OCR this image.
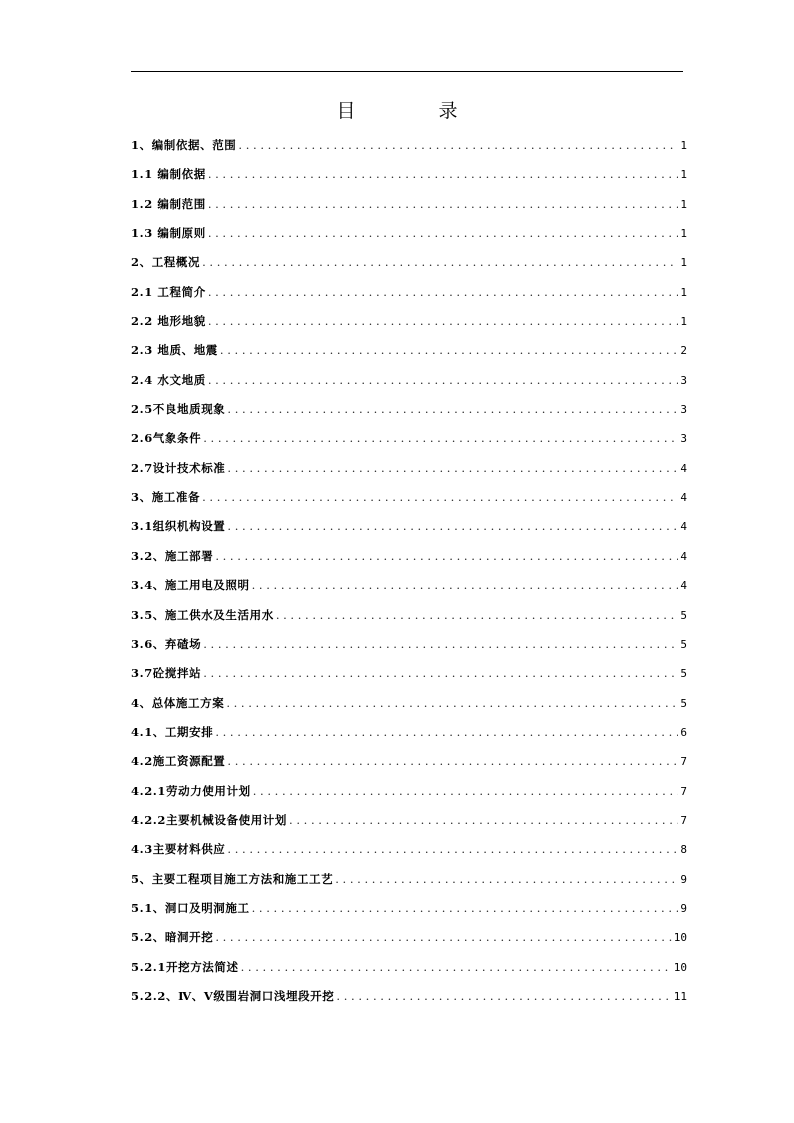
目　录
1、编制依据、范围 . . .	1
1.1 编制依据 . . .	1
1.2 编制范围 . . .	1
1.3 编制原则 . . .	1
2、工程概况 . . .	1
2.1 工程简介 . . .	1
2.2 地形地貌 . . .	1
2.3 地质、地震 . . .	2
2.4 水文地质 . . .	3
2.5不良地质现象 . . .	3
2.6气象条件 . . .	3
2.7设计技术标准 . . .	4
3、施工准备 . . .	4
3.1组织机构设置 . . .	4
3.2、施工部署 . . .	4
3.4、施工用电及照明 . . .	4
3.5、施工供水及生活用水 . . .	5
3.6、弃碴场 . . .	5
3.7砼搅拌站 . . .	5
4、总体施工方案 . . .	5
4.1、工期安排 . . .	6
4.2施工资源配置 . . .	7
4.2.1劳动力使用计划 . . .	7
4.2.2主要机械设备使用计划 . . .	7
4.3主要材料供应 . . .	8
5、主要工程项目施工方法和施工工艺 . . .	9
5.1、洞口及明洞施工 . . .	9
5.2、暗洞开挖 . . .	10
5.2.1开挖方法简述 . . .	10
5.2.2、Ⅳ、Ⅴ级围岩洞口浅埋段开挖 . . .	11
